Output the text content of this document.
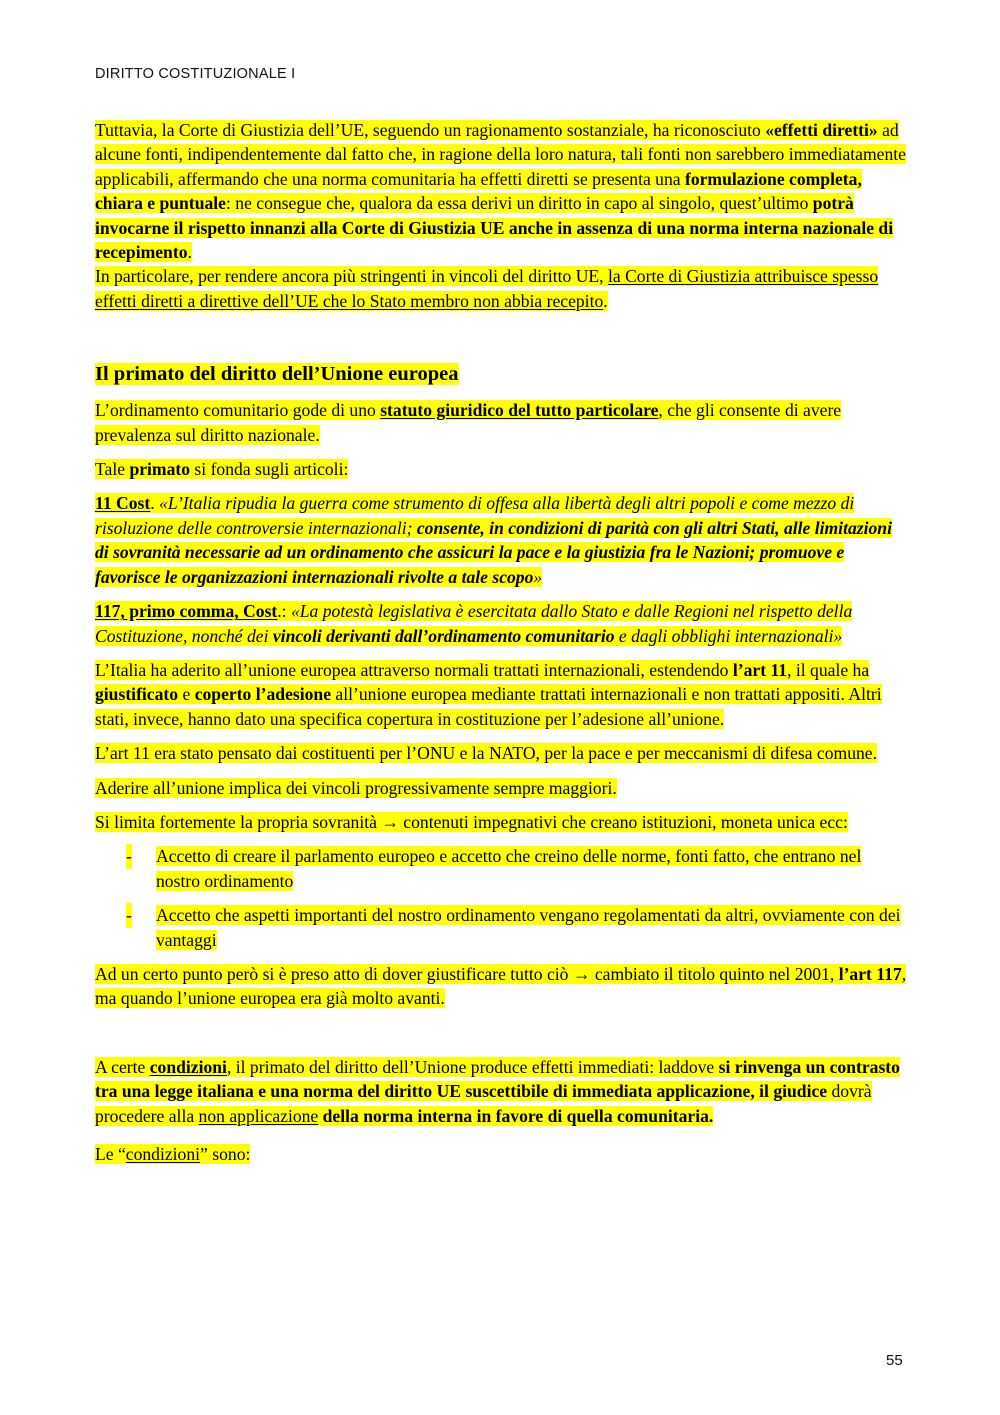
DIRITTO COSTITUZIONALE I

Tuttavia, la Corte di Giustizia dell’UE, seguendo un ragionamento sostanziale, ha riconosciuto «effetti diretti» ad alcune fonti, indipendentemente dal fatto che, in ragione della loro natura, tali fonti non sarebbero immediatamente applicabili, affermando che una norma comunitaria ha effetti diretti se presenta una formulazione completa, chiara e puntuale: ne consegue che, qualora da essa derivi un diritto in capo al singolo, quest’ultimo potrà invocarne il rispetto innanzi alla Corte di Giustizia UE anche in assenza di una norma interna nazionale di recepimento.
In particolare, per rendere ancora più stringenti in vincoli del diritto UE, la Corte di Giustizia attribuisce spesso effetti diretti a direttive dell’UE che lo Stato membro non abbia recepito.

Il primato del diritto dell’Unione europea

L’ordinamento comunitario gode di uno statuto giuridico del tutto particolare, che gli consente di avere prevalenza sul diritto nazionale.

Tale primato si fonda sugli articoli:

11 Cost. «L’Italia ripudia la guerra come strumento di offesa alla libertà degli altri popoli e come mezzo di risoluzione delle controversie internazionali; consente, in condizioni di parità con gli altri Stati, alle limitazioni di sovranità necessarie ad un ordinamento che assicuri la pace e la giustizia fra le Nazioni; promuove e favorisce le organizzazioni internazionali rivolte a tale scopo»

117, primo comma, Cost.: «La potestà legislativa è esercitata dallo Stato e dalle Regioni nel rispetto della Costituzione, nonché dei vincoli derivanti dall’ordinamento comunitario e dagli obblighi internazionali»

L’Italia ha aderito all’unione europea attraverso normali trattati internazionali, estendendo l’art 11, il quale ha giustificato e coperto l’adesione all’unione europea mediante trattati internazionali e non trattati appositi. Altri stati, invece, hanno dato una specifica copertura in costituzione per l’adesione all’unione.

L’art 11 era stato pensato dai costituenti per l’ONU e la NATO, per la pace e per meccanismi di difesa comune.

Aderire all’unione implica dei vincoli progressivamente sempre maggiori.

Si limita fortemente la propria sovranità → contenuti impegnativi che creano istituzioni, moneta unica ecc:

- Accetto di creare il parlamento europeo e accetto che creino delle norme, fonti fatto, che entrano nel nostro ordinamento
- Accetto che aspetti importanti del nostro ordinamento vengano regolamentati da altri, ovviamente con dei vantaggi

Ad un certo punto però si è preso atto di dover giustificare tutto ciò → cambiato il titolo quinto nel 2001, l’art 117, ma quando l’unione europea era già molto avanti.

A certe condizioni, il primato del diritto dell’Unione produce effetti immediati: laddove si rinvenga un contrasto tra una legge italiana e una norma del diritto UE suscettibile di immediata applicazione, il giudice dovrà procedere alla non applicazione della norma interna in favore di quella comunitaria.

Le “condizioni” sono:

55
